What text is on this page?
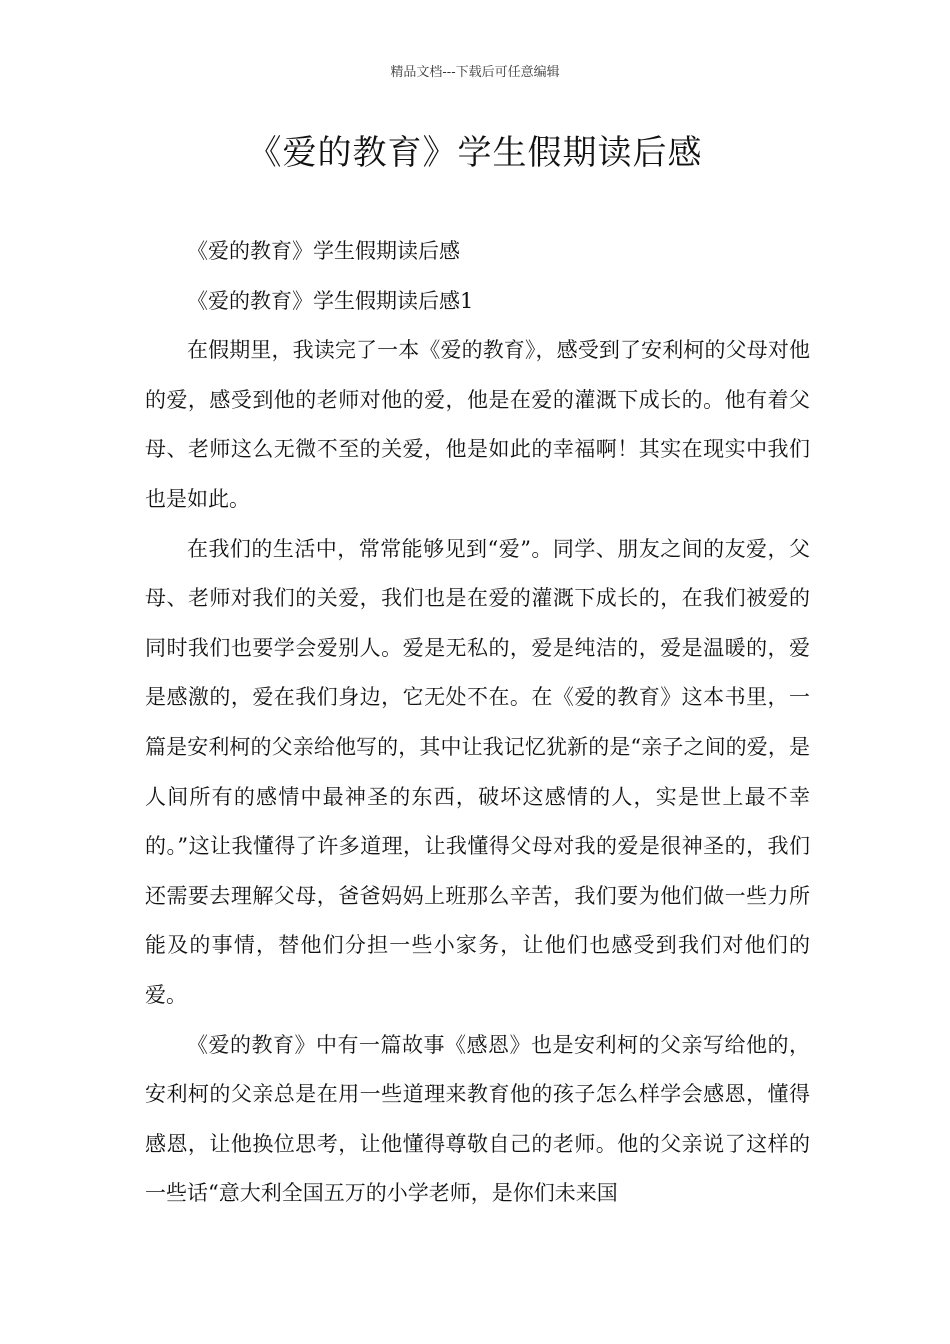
精品文档---下载后可任意编辑
《爱的教育》学生假期读后感

《爱的教育》学生假期读后感

《爱的教育》学生假期读后感1

在假期里，我读完了一本《爱的教育》，感受到了安利柯的父母对他的爱，感受到他的老师对他的爱，他是在爱的灌溉下成长的。他有着父母、老师这么无微不至的关爱，他是如此的幸福啊！其实在现实中我们也是如此。

在我们的生活中，常常能够见到“爱”。同学、朋友之间的友爱，父母、老师对我们的关爱，我们也是在爱的灌溉下成长的，在我们被爱的同时我们也要学会爱别人。爱是无私的，爱是纯洁的，爱是温暖的，爱是感激的，爱在我们身边，它无处不在。在《爱的教育》这本书里，一篇是安利柯的父亲给他写的，其中让我记忆犹新的是“亲子之间的爱，是人间所有的感情中最神圣的东西，破坏这感情的人，实是世上最不幸的。”这让我懂得了许多道理，让我懂得父母对我的爱是很神圣的，我们还需要去理解父母，爸爸妈妈上班那么辛苦，我们要为他们做一些力所能及的事情，替他们分担一些小家务，让他们也感受到我们对他们的爱。

《爱的教育》中有一篇故事《感恩》也是安利柯的父亲写给他的，安利柯的父亲总是在用一些道理来教育他的孩子怎么样学会感恩，懂得感恩，让他换位思考，让他懂得尊敬自己的老师。他的父亲说了这样的一些话“意大利全国五万的小学老师，是你们未来国
